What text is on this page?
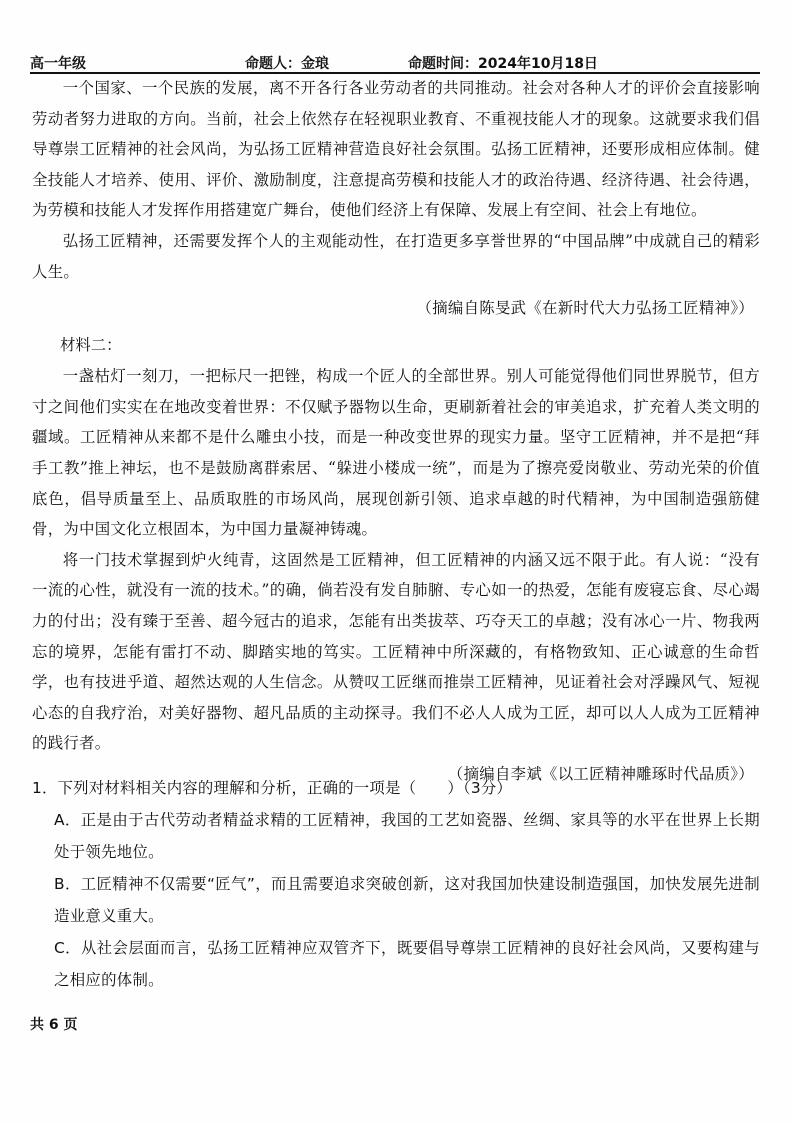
高一年级	命题人：金琅	命题时间：2024年10月18日

一个国家、一个民族的发展，离不开各行各业劳动者的共同推动。社会对各种人才的评价会直接影响劳动者努力进取的方向。当前，社会上依然存在轻视职业教育、不重视技能人才的现象。这就要求我们倡导尊崇工匠精神的社会风尚，为弘扬工匠精神营造良好社会氛围。弘扬工匠精神，还要形成相应体制。健全技能人才培养、使用、评价、激励制度，注意提高劳模和技能人才的政治待遇、经济待遇、社会待遇，为劳模和技能人才发挥作用搭建宽广舞台，使他们经济上有保障、发展上有空间、社会上有地位。

弘扬工匠精神，还需要发挥个人的主观能动性，在打造更多享誉世界的“中国品牌”中成就自己的精彩人生。

（摘编自陈旻武《在新时代大力弘扬工匠精神》）

材料二：

一盏枯灯一刻刀，一把标尺一把锉，构成一个匠人的全部世界。别人可能觉得他们同世界脱节，但方寸之间他们实实在在地改变着世界：不仅赋予器物以生命，更刷新着社会的审美追求，扩充着人类文明的疆域。工匠精神从来都不是什么雕虫小技，而是一种改变世界的现实力量。坚守工匠精神，并不是把“拜手工教”推上神坛，也不是鼓励离群索居、“躲进小楼成一统”，而是为了擦亮爱岗敬业、劳动光荣的价值底色，倡导质量至上、品质取胜的市场风尚，展现创新引领、追求卓越的时代精神，为中国制造强筋健骨，为中国文化立根固本，为中国力量凝神铸魂。

将一门技术掌握到炉火纯青，这固然是工匠精神，但工匠精神的内涵又远不限于此。有人说：“没有一流的心性，就没有一流的技术。”的确，倘若没有发自肺腑、专心如一的热爱，怎能有废寝忘食、尽心竭力的付出；没有臻于至善、超今冠古的追求，怎能有出类拔萃、巧夺天工的卓越；没有冰心一片、物我两忘的境界，怎能有雷打不动、脚踏实地的笃实。工匠精神中所深藏的，有格物致知、正心诚意的生命哲学，也有技进乎道、超然达观的人生信念。从赞叹工匠继而推崇工匠精神，见证着社会对浮躁风气、短视心态的自我疗治，对美好器物、超凡品质的主动探寻。我们不必人人成为工匠，却可以人人成为工匠精神的践行者。

（摘编自李斌《以工匠精神雕琢时代品质》）

1．下列对材料相关内容的理解和分析，正确的一项是（　　）（3分）

A．正是由于古代劳动者精益求精的工匠精神，我国的工艺如瓷器、丝绸、家具等的水平在世界上长期处于领先地位。

B．工匠精神不仅需要“匠气”，而且需要追求突破创新，这对我国加快建设制造强国，加快发展先进制造业意义重大。

C．从社会层面而言，弘扬工匠精神应双管齐下，既要倡导尊崇工匠精神的良好社会风尚，又要构建与之相应的体制。

共 6 页
